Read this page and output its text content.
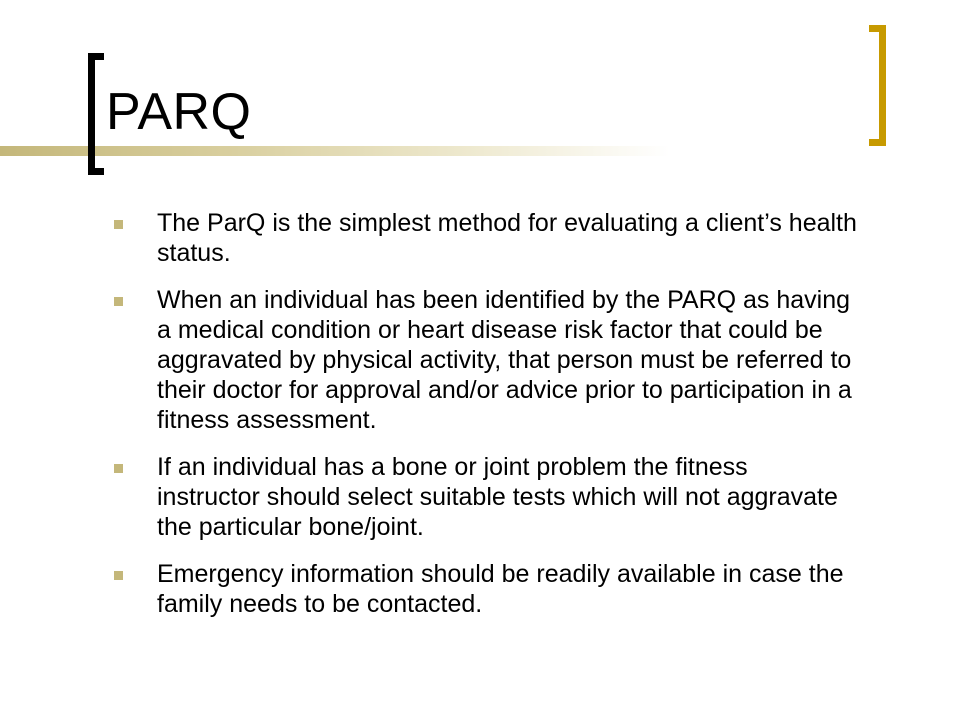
PARQ
The ParQ is the simplest method for evaluating a client’s health status.
When an individual has been identified by the PARQ as having a medical condition or heart disease risk factor that could be aggravated by physical activity, that person must be referred to their doctor for approval and/or advice prior to participation in a fitness assessment.
If an individual has a bone or joint problem the fitness instructor should select suitable tests which will not aggravate the particular bone/joint.
Emergency information should be readily available in case the family needs to be contacted.
